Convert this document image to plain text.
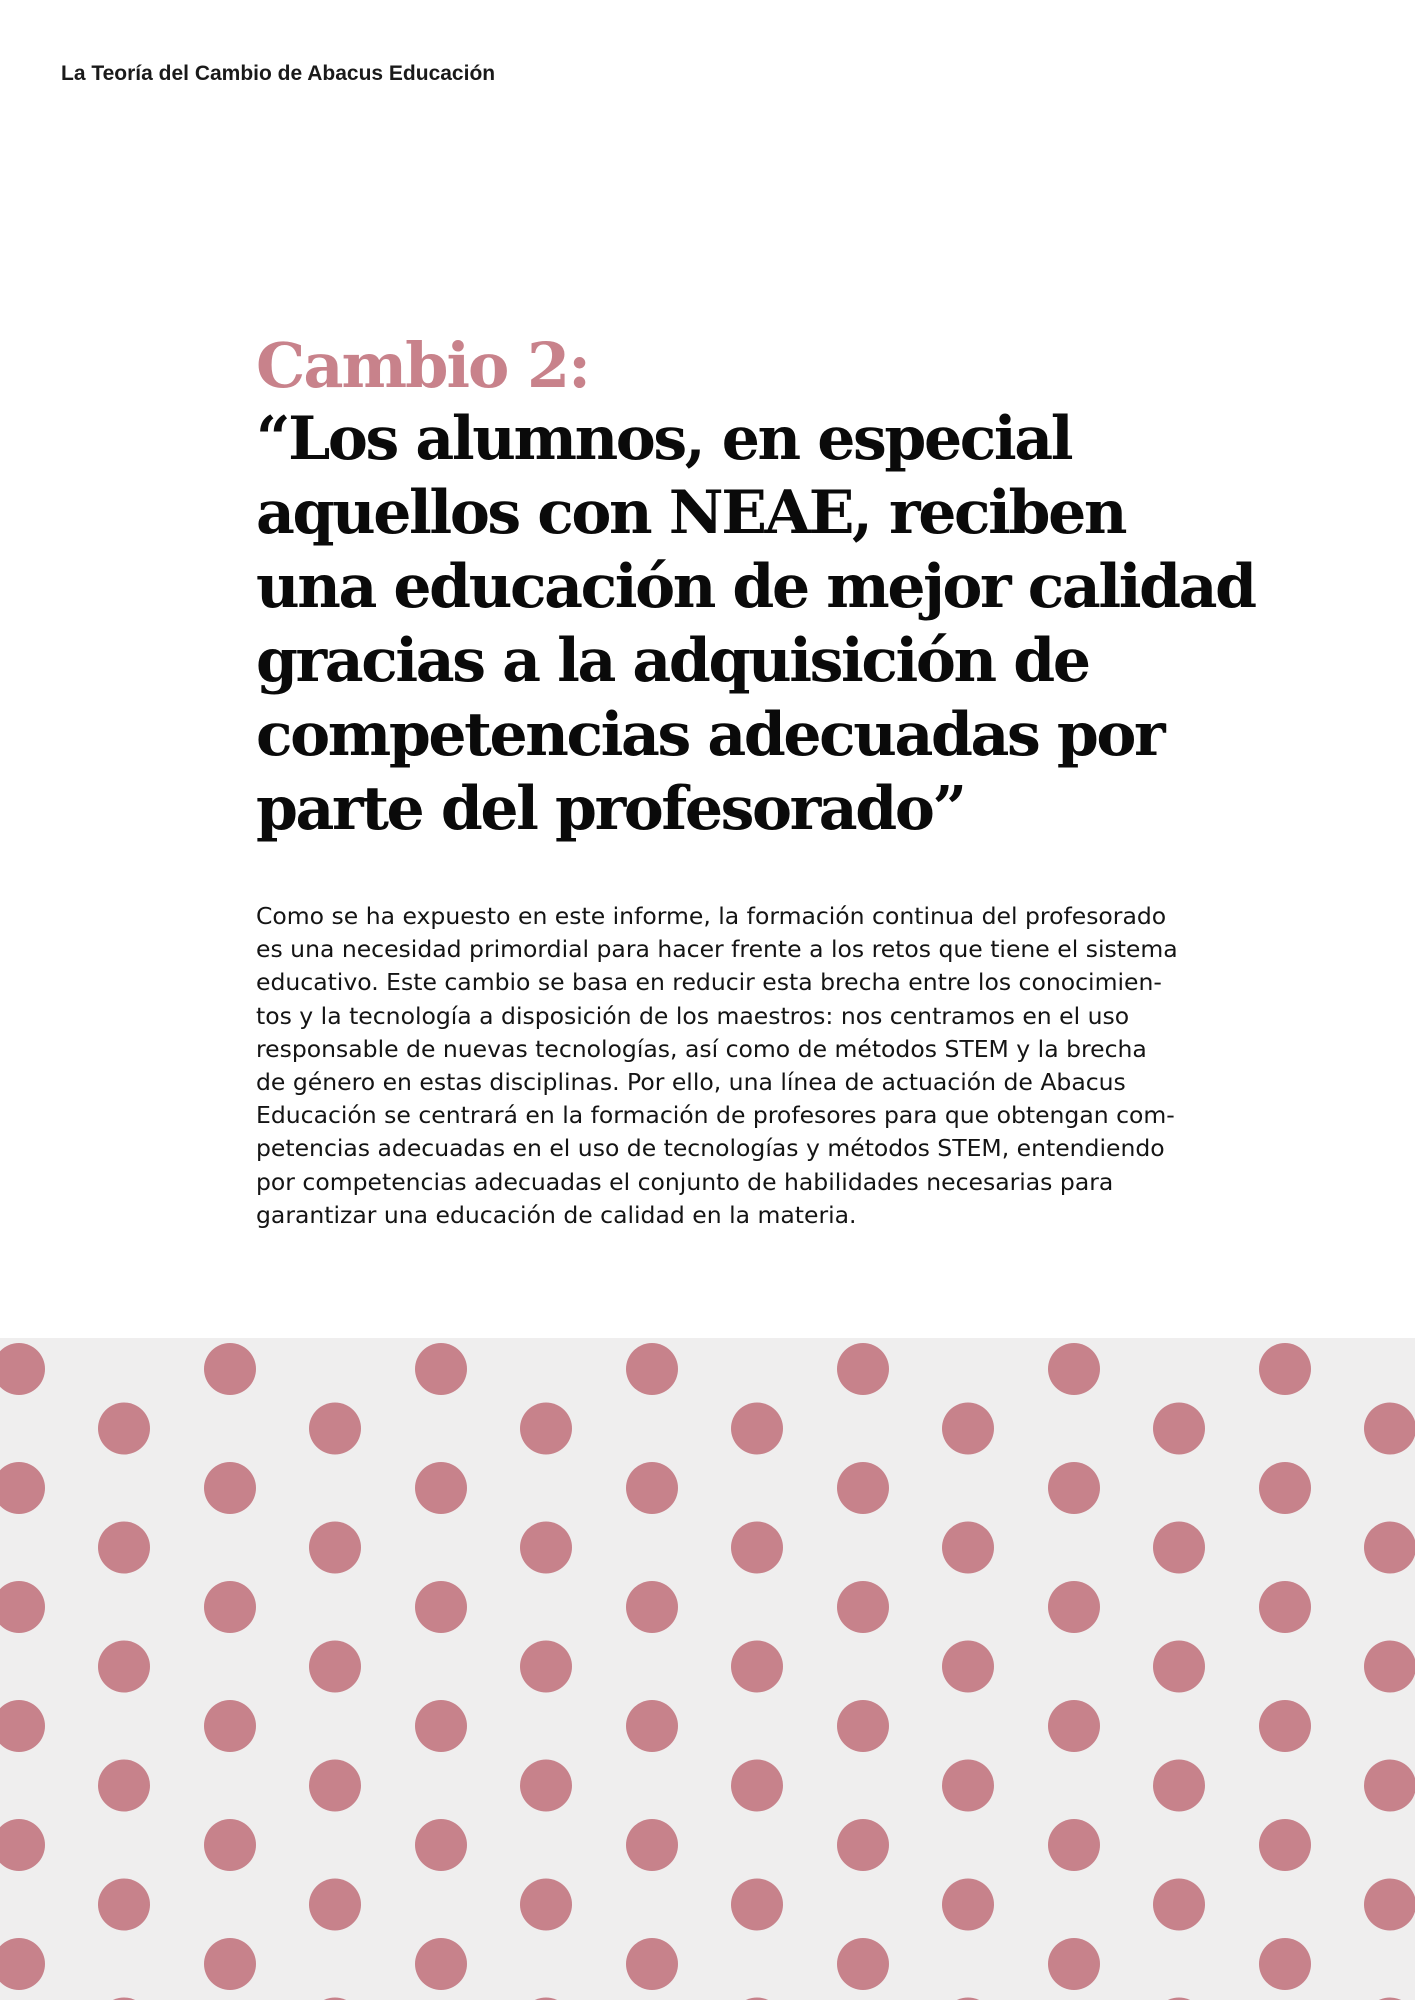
La Teoría del Cambio de Abacus Educación
Cambio 2:
“Los alumnos, en especial
aquellos con NEAE, reciben
una educación de mejor calidad
gracias a la adquisición de
competencias adecuadas por
parte del profesorado”
Como se ha expuesto en este informe, la formación continua del profesorado
es una necesidad primordial para hacer frente a los retos que tiene el sistema
educativo. Este cambio se basa en reducir esta brecha entre los conocimien-
tos y la tecnología a disposición de los maestros: nos centramos en el uso
responsable de nuevas tecnologías, así como de métodos STEM y la brecha
de género en estas disciplinas. Por ello, una línea de actuación de Abacus
Educación se centrará en la formación de profesores para que obtengan com-
petencias adecuadas en el uso de tecnologías y métodos STEM, entendiendo
por competencias adecuadas el conjunto de habilidades necesarias para
garantizar una educación de calidad en la materia.
